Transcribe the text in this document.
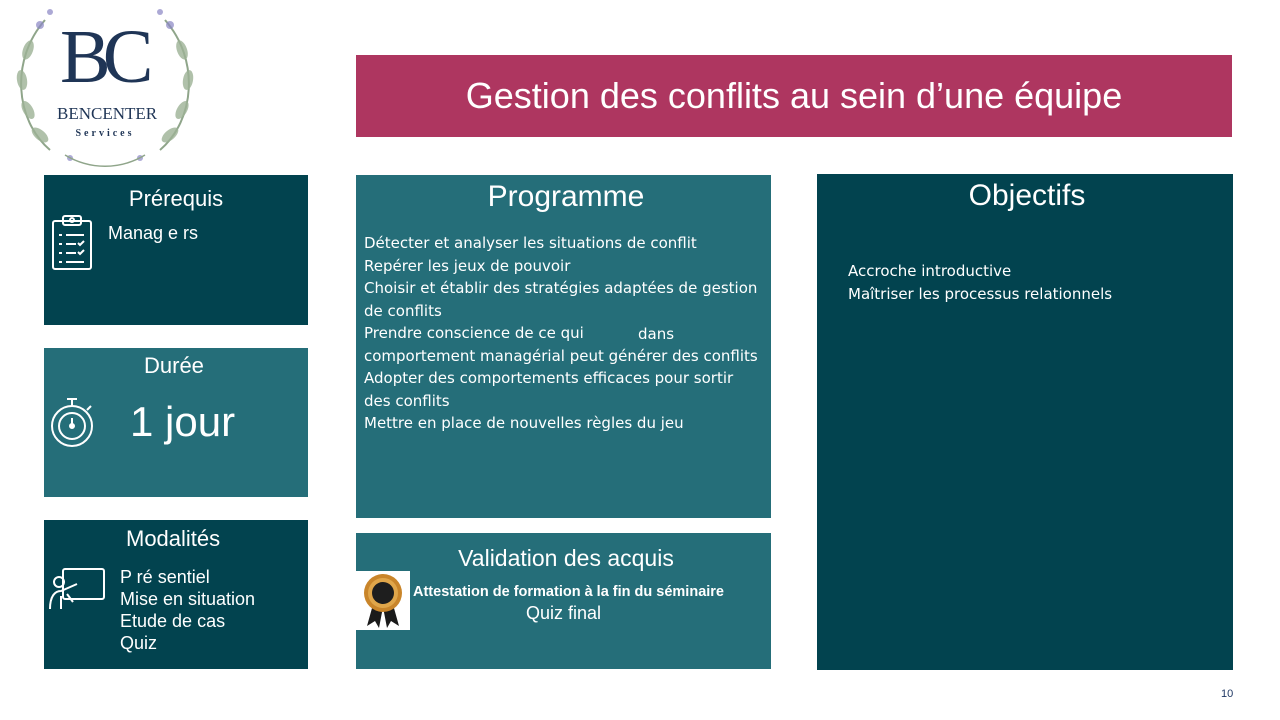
BC
BENCENTER
Services
Gestion des conflits au sein d’une équipe
Prérequis
Manag e rs
Durée
1 jour
Modalités
P ré sentiel
Mise en situation
Etude de cas
Quiz
Programme
Détecter et analyser les situations de conflit
Repérer les jeux de pouvoir
Choisir et établir des stratégies adaptées de gestion de conflits
Prendre conscience de ce qui
comportement managérial peut générer des conflits
Adopter des comportements efficaces pour sortir des conflits
Mettre en place de nouvelles règles du jeu
dans
Validation des acquis
Attestation de formation à la fin du séminaire
Quiz final
Objectifs
Accroche introductive
Maîtriser les processus relationnels
10
